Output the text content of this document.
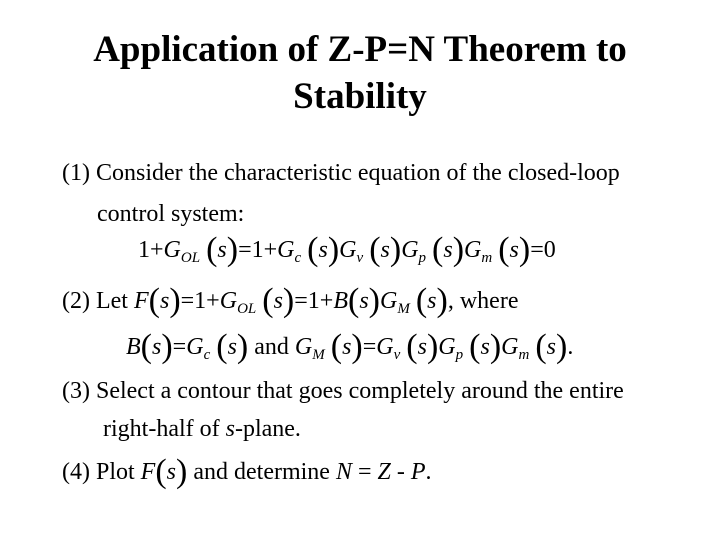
Application of Z-P=N Theorem to
Stability
(1) Consider the characteristic equation of the closed-loop
control system:
$1+G_{OL}$ $(s)=1+G_c$ $(s)G_v$ $(s)G_p$ $(s)G_m$ (s)=0
(2) Let $F(s)=1+G_{OL}$ $(s)=1+B(s)G_M$ (s), where
$B(s)=G_c$ (s) and $G_M$ $(s)=G_v$ $(s)G_p$ $(s)G_m$ (s).
(3) Select a contour that goes completely around the entire
right-half of s-plane.
(4) Plot F(s) and determine N = Z - P.
